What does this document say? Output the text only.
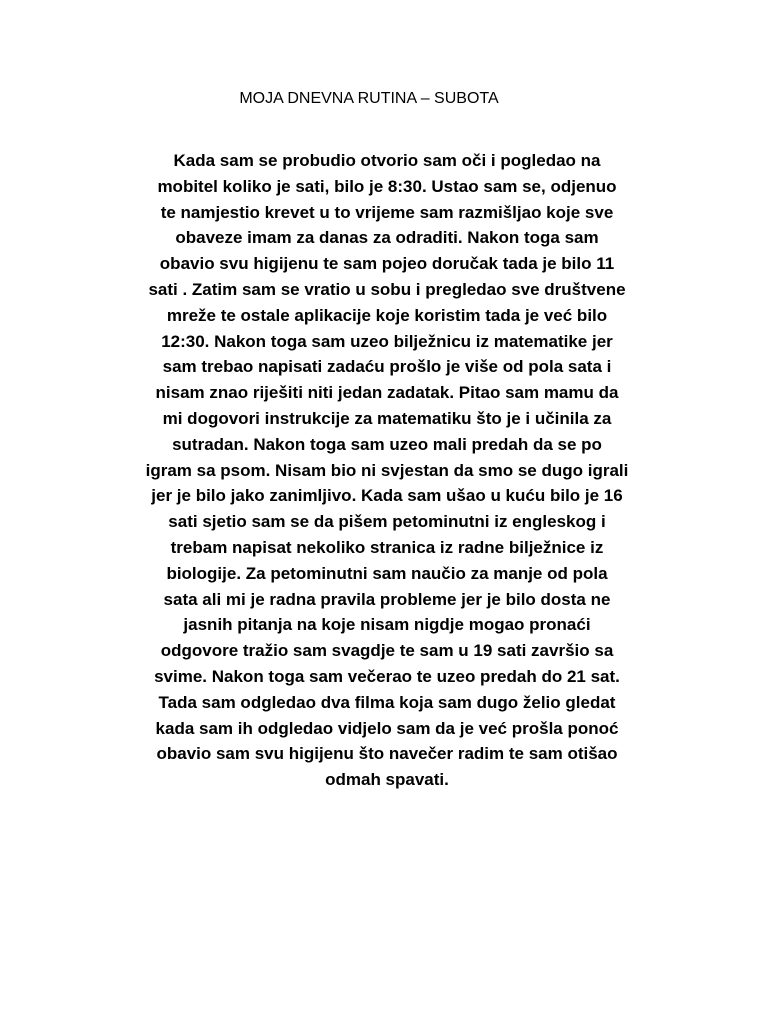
MOJA DNEVNA RUTINA – SUBOTA
Kada sam se probudio otvorio sam oči i pogledao na
mobitel koliko je sati, bilo je 8:30. Ustao sam se, odjenuo
te namjestio krevet u to vrijeme sam razmišljao koje sve
obaveze imam za danas za odraditi. Nakon toga sam
obavio svu higijenu te sam pojeo doručak tada je bilo 11
sati . Zatim sam se vratio u sobu i pregledao sve društvene
mreže te ostale aplikacije koje koristim tada je već bilo
12:30. Nakon toga sam uzeo bilježnicu iz matematike jer
sam trebao napisati zadaću prošlo je više od pola sata i
nisam znao riješiti niti jedan zadatak. Pitao sam mamu da
mi dogovori instrukcije za matematiku što je i učinila za
sutradan. Nakon toga sam uzeo mali predah da se po
igram sa psom. Nisam bio ni svjestan da smo se dugo igrali
jer je bilo jako zanimljivo. Kada sam ušao u kuću bilo je 16
sati sjetio sam se da pišem petominutni iz engleskog i
trebam napisat nekoliko stranica iz radne bilježnice iz
biologije. Za petominutni sam naučio za manje od pola
sata ali mi je radna pravila probleme jer je bilo dosta ne
jasnih pitanja na koje nisam nigdje mogao pronaći
odgovore tražio sam svagdje te sam u 19 sati završio sa
svime. Nakon toga sam večerao te uzeo predah do 21 sat.
Tada sam odgledao dva filma koja sam dugo želio gledat
kada sam ih odgledao vidjelo sam da je već prošla ponoć
obavio sam svu higijenu što navečer radim te sam otišao
odmah spavati.
